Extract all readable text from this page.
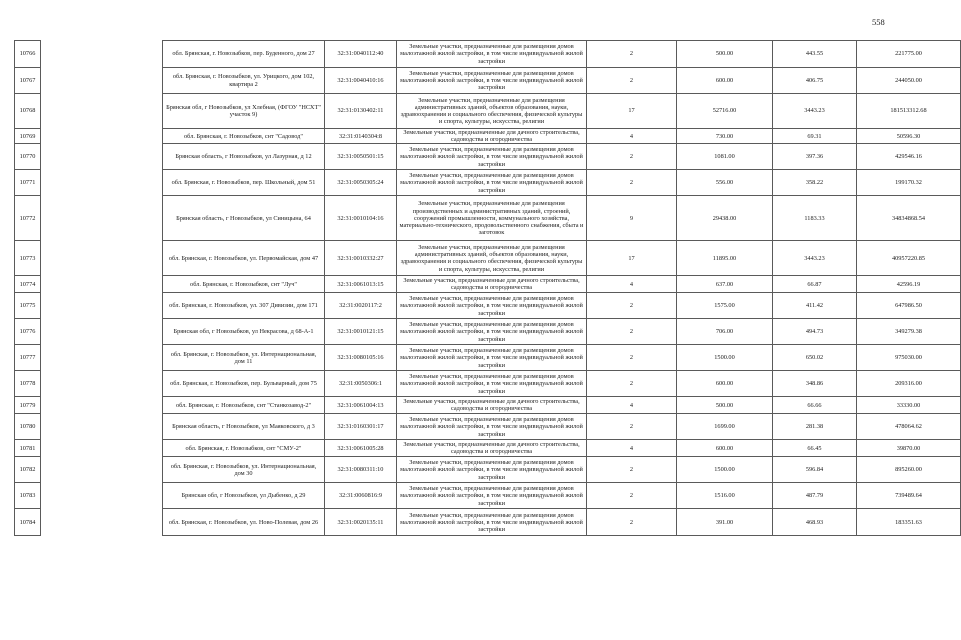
558
10766		обл. Брянская, г. Новозыбков, пер. Буденного, дом 27	32:31:0040112:40	Земельные участки, предназначенные для размещения домов малоэтажной жилой застройки, в том числе индивидуальной жилой застройки	2	500.00	443.55	221775.00
10767		обл. Брянская, г. Новозыбков, ул. Урицкого, дом 102, квартира 2	32:31:0040410:16	Земельные участки, предназначенные для размещения домов малоэтажной жилой застройки, в том числе индивидуальной жилой застройки	2	600.00	406.75	244050.00
10768		Брянская обл, г Новозыбков, ул Хлебная, (ФГОУ "НСХТ" участок 9)	32:31:0130402:11	Земельные участки, предназначенные для размещения административных зданий, объектов образования, науки, здравоохранения и социального обеспечения, физической культуры и спорта, культуры, искусства, религии	17	52716.00	3443.23	181513312.68
10769		обл. Брянская, г. Новозыбков, снт "Садовод"	32:31:0140304:8	Земельные участки, предназначенные для дачного строительства, садоводства и огородничества	4	730.00	69.31	50596.30
10770		Брянская область, г Новозыбков, ул Лазурная, д 12	32:31:0050501:15	Земельные участки, предназначенные для размещения домов малоэтажной жилой застройки, в том числе индивидуальной жилой застройки	2	1081.00	397.36	429546.16
10771		обл. Брянская, г. Новозыбков, пер. Школьный, дом 51	32:31:0050305:24	Земельные участки, предназначенные для размещения домов малоэтажной жилой застройки, в том числе индивидуальной жилой застройки	2	556.00	358.22	199170.32
10772		Брянская область, г Новозыбков, ул Синицына, 64	32:31:0010104:16	Земельные участки, предназначенные для размещения производственных и административных зданий, строений, сооружений промышленности, коммунального хозяйства, материально-технического, продовольственного снабжения, сбыта и заготовок	9	29438.00	1183.33	34834868.54
10773		обл. Брянская, г. Новозыбков, ул. Первомайская, дом 47	32:31:0010332:27	Земельные участки, предназначенные для размещения административных зданий, объектов образования, науки, здравоохранения и социального обеспечения, физической культуры и спорта, культуры, искусства, религии	17	11895.00	3443.23	40957220.85
10774		обл. Брянская, г. Новозыбков, снт "Луч"	32:31:0061013:15	Земельные участки, предназначенные для дачного строительства, садоводства и огородничества	4	637.00	66.87	42596.19
10775		обл. Брянская, г. Новозыбков, ул. 307 Дивизии, дом 171	32:31:0020117:2	Земельные участки, предназначенные для размещения домов малоэтажной жилой застройки, в том числе индивидуальной жилой застройки	2	1575.00	411.42	647986.50
10776		Брянская обл, г Новозыбков, ул Некрасова, д 68-А-1	32:31:0010121:15	Земельные участки, предназначенные для размещения домов малоэтажной жилой застройки, в том числе индивидуальной жилой застройки	2	706.00	494.73	349279.38
10777		обл. Брянская, г. Новозыбков, ул. Интернациональная, дом 11	32:31:0080105:16	Земельные участки, предназначенные для размещения домов малоэтажной жилой застройки, в том числе индивидуальной жилой застройки	2	1500.00	650.02	975030.00
10778		обл. Брянская, г. Новозыбков, пер. Бульварный, дом 75	32:31:0050306:1	Земельные участки, предназначенные для размещения домов малоэтажной жилой застройки, в том числе индивидуальной жилой застройки	2	600.00	348.86	209316.00
10779		обл. Брянская, г. Новозыбков, снт "Станкозавод-2"	32:31:0061004:13	Земельные участки, предназначенные для дачного строительства, садоводства и огородничества	4	500.00	66.66	33330.00
10780		Брянская область, г Новозыбков, ул Маяковского, д 3	32:31:0160301:17	Земельные участки, предназначенные для размещения домов малоэтажной жилой застройки, в том числе индивидуальной жилой застройки	2	1699.00	281.38	478064.62
10781		обл. Брянская, г. Новозыбков, снт "СМУ-2"	32:31:0061005:28	Земельные участки, предназначенные для дачного строительства, садоводства и огородничества	4	600.00	66.45	39870.00
10782		обл. Брянская, г. Новозыбков, ул. Интернациональная, дом 30	32:31:0080311:10	Земельные участки, предназначенные для размещения домов малоэтажной жилой застройки, в том числе индивидуальной жилой застройки	2	1500.00	596.84	895260.00
10783		Брянская обл, г Новозыбков, ул Дыбенко, д 29	32:31:0060816:9	Земельные участки, предназначенные для размещения домов малоэтажной жилой застройки, в том числе индивидуальной жилой застройки	2	1516.00	487.79	739489.64
10784		обл. Брянская, г. Новозыбков, ул. Ново-Полевая, дом 26	32:31:0020135:11	Земельные участки, предназначенные для размещения домов малоэтажной жилой застройки, в том числе индивидуальной жилой застройки	2	391.00	468.93	183351.63
